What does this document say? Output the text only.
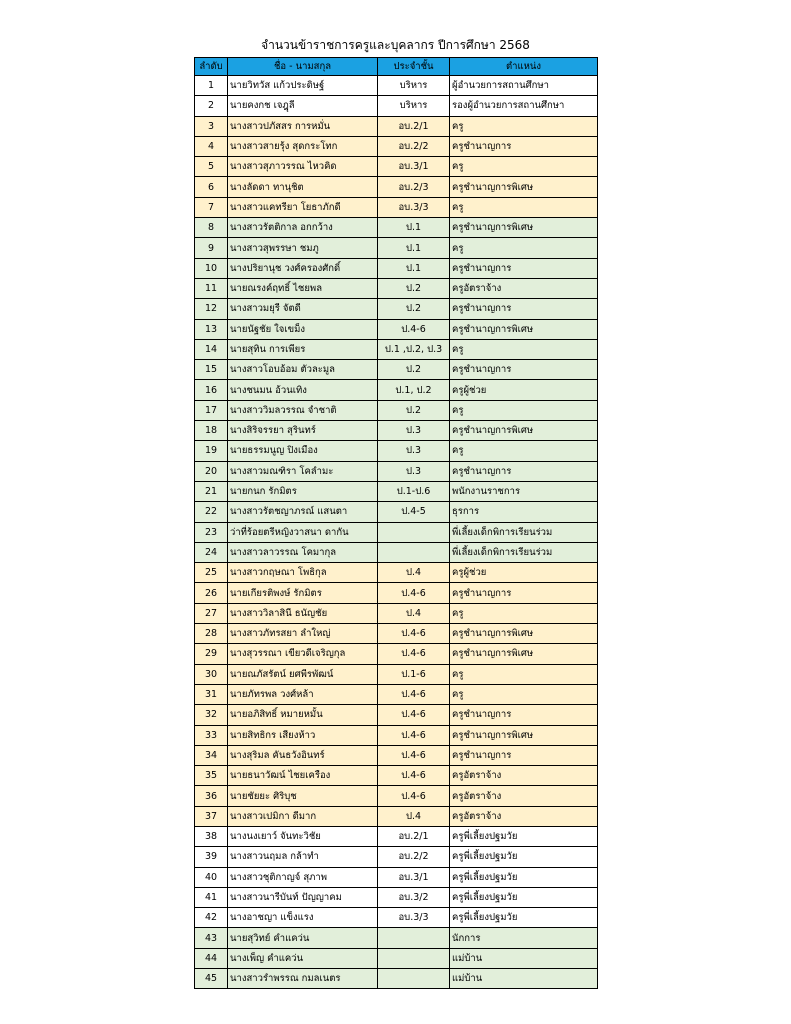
จำนวนข้าราชการครูและบุคลากร ปีการศึกษา 2568
ลำดับ	ชื่อ - นามสกุล	ประจำชั้น	ตำแหน่ง
1	นายวิทวัส แก้วประดิษฐ์	บริหาร	ผู้อำนวยการสถานศึกษา
2	นายคงกช เจฎุลี	บริหาร	รองผู้อำนวยการสถานศึกษา
3	นางสาวปภัสสร การหมั่น	อบ.2/1	ครู
4	นางสาวสายรุ้ง สุดกระโทก	อบ.2/2	ครูชำนาญการ
5	นางสาวสุภาวรรณ ไหวคิด	อบ.3/1	ครู
6	นางลัดดา ทานุชิต	อบ.2/3	ครูชำนาญการพิเศษ
7	นางสาวแคทรียา โยธาภักดี	อบ.3/3	ครู
8	นางสาวรัตติกาล อกกว้าง	ป.1	ครูชำนาญการพิเศษ
9	นางสาวสุพรรษา ชมภู	ป.1	ครู
10	นางปริยานุช วงศ์ครองศักดิ์	ป.1	ครูชำนาญการ
11	นายณรงค์ฤทธิ์ ไชยพล	ป.2	ครูอัตราจ้าง
12	นางสาวมยุรี จัตดี	ป.2	ครูชำนาญการ
13	นายนัฐชัย ใจเขม็ง	ป.4-6	ครูชำนาญการพิเศษ
14	นายสุทิน การเพียร	ป.1 ,ป.2, ป.3	ครู
15	นางสาวโอบอ้อม ตัวละมูล	ป.2	ครูชำนาญการ
16	นางชนมน อ้วนเทิง	ป.1, ป.2	ครูผู้ช่วย
17	นางสาววิมลวรรณ จำชาติ	ป.2	ครู
18	นางสิริจรรยา สุรินทร์	ป.3	ครูชำนาญการพิเศษ
19	นายธรรมนูญ ปิงเมือง	ป.3	ครู
20	นางสาวมณฑิรา โคลำมะ	ป.3	ครูชำนาญการ
21	นายกนก รักมิตร	ป.1-ป.6	พนักงานราชการ
22	นางสาวรัตชญาภรณ์ แสนตา	ป.4-5	ธุรการ
23	ว่าที่ร้อยตรีหญิงวาสนา ดากัน		พี่เลี้ยงเด็กพิการเรียนร่วม
24	นางสาวลาวรรณ โคมากุล		พี่เลี้ยงเด็กพิการเรียนร่วม
25	นางสาวกฤษณา โพธิกุล	ป.4	ครูผู้ช่วย
26	นายเกียรติพงษ์ รักมิตร	ป.4-6	ครูชำนาญการ
27	นางสาววิลาสินี ธนัญชัย	ป.4	ครู
28	นางสาวภัทรสยา ลำใหญ่	ป.4-6	ครูชำนาญการพิเศษ
29	นางสุวรรณา เขียวดีเจริญกุล	ป.4-6	ครูชำนาญการพิเศษ
30	นายณภัสรัตน์ ยศพีรพัฒน์	ป.1-6	ครู
31	นายภัทรพล วงศ์หล้า	ป.4-6	ครู
32	นายอภิสิทธิ์ หมายหมั้น	ป.4-6	ครูชำนาญการ
33	นายสิทธิกร เสียงห้าว	ป.4-6	ครูชำนาญการพิเศษ
34	นางสุริมล คันธวังอินทร์	ป.4-6	ครูชำนาญการ
35	นายธนาวัฒน์ ไชยเครือง	ป.4-6	ครูอัตราจ้าง
36	นายชัยยะ ศิริบุช	ป.4-6	ครูอัตราจ้าง
37	นางสาวเปมิกา ดีมาก	ป.4	ครูอัตราจ้าง
38	นางนงเยาว์ จันทะวิชัย	อบ.2/1	ครูพี่เลี้ยงปฐมวัย
39	นางสาวนฤมล กล้าทำ	อบ.2/2	ครูพี่เลี้ยงปฐมวัย
40	นางสาวชุติกาญจ์ สุภาพ	อบ.3/1	ครูพี่เลี้ยงปฐมวัย
41	นางสาวนารีบันท์ ปัญญาคม	อบ.3/2	ครูพี่เลี้ยงปฐมวัย
42	นางอาชญา แข็งแรง	อบ.3/3	ครูพี่เลี้ยงปฐมวัย
43	นายสุวิทย์ คำแคว่น		นักการ
44	นางเพ็ญ คำแคว่น		แม่บ้าน
45	นางสาวรำพรรณ กมลเนตร		แม่บ้าน
